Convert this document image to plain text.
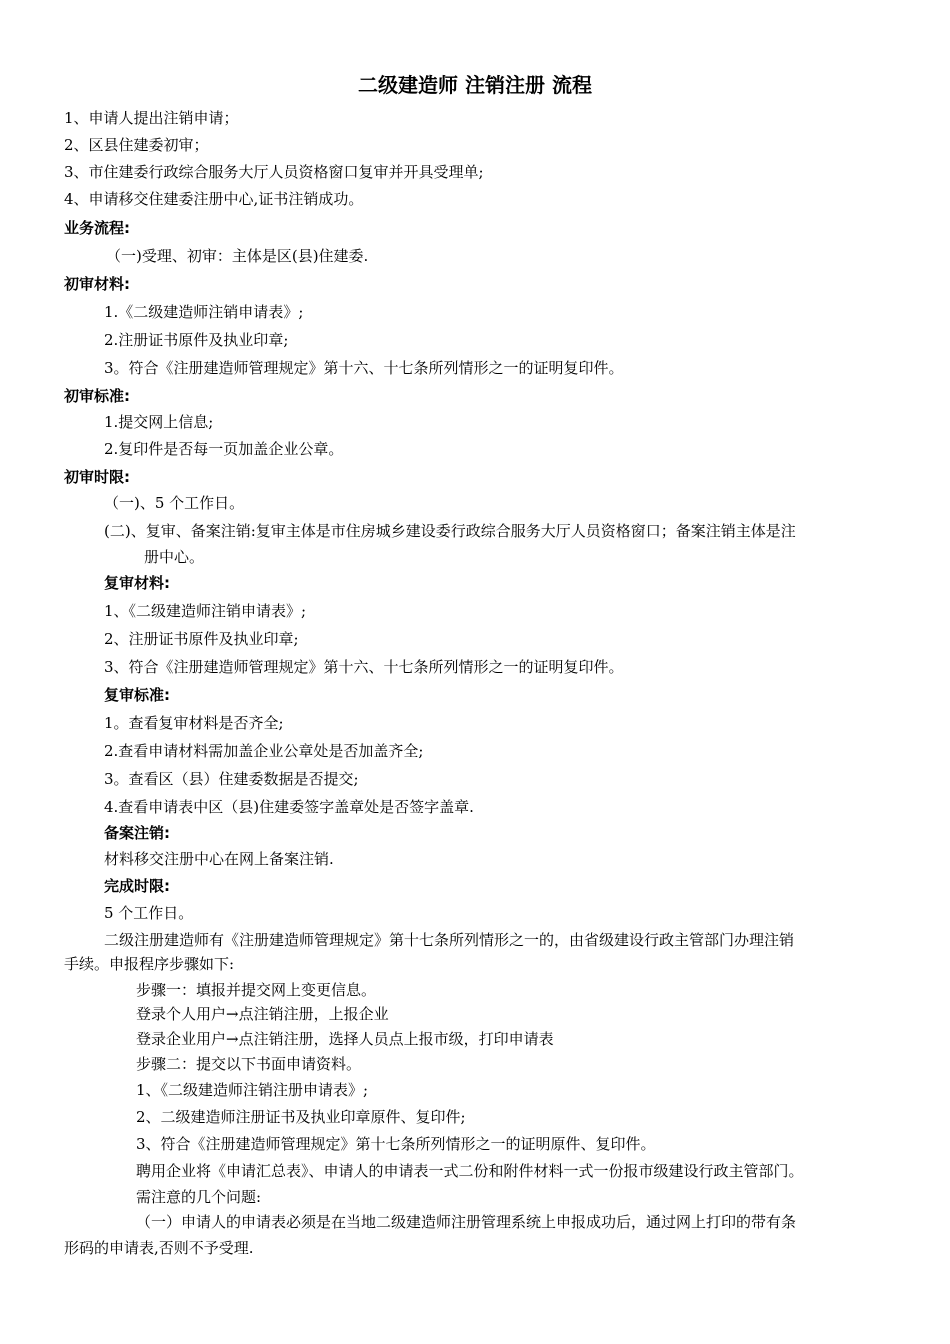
二级建造师 注销注册 流程
1、申请人提出注销申请；
2、区县住建委初审；
3、市住建委行政综合服务大厅人员资格窗口复审并开具受理单;
4、申请移交住建委注册中心,证书注销成功。
业务流程:
（一)受理、初审：主体是区(县)住建委.
初审材料:
1.《二级建造师注销申请表》;
2.注册证书原件及执业印章;
3。符合《注册建造师管理规定》第十六、十七条所列情形之一的证明复印件。
初审标准:
1.提交网上信息;
2.复印件是否每一页加盖企业公章。
初审时限:
（一)、5 个工作日。
(二)、复审、备案注销:复审主体是市住房城乡建设委行政综合服务大厅人员资格窗口；备案注销主体是注
册中心。
复审材料:
1、《二级建造师注销申请表》;
2、注册证书原件及执业印章;
3、符合《注册建造师管理规定》第十六、十七条所列情形之一的证明复印件。
复审标准:
1。查看复审材料是否齐全;
2.查看申请材料需加盖企业公章处是否加盖齐全;
3。查看区（县）住建委数据是否提交;
4.查看申请表中区（县)住建委签字盖章处是否签字盖章.
备案注销:
材料移交注册中心在网上备案注销.
完成时限:
5 个工作日。
二级注册建造师有《注册建造师管理规定》第十七条所列情形之一的，由省级建设行政主管部门办理注销
手续。申报程序步骤如下:
步骤一：填报并提交网上变更信息。
登录个人用户→点注销注册，上报企业
登录企业用户→点注销注册，选择人员点上报市级，打印申请表
步骤二：提交以下书面申请资料。
1、《二级建造师注销注册申请表》;
2、二级建造师注册证书及执业印章原件、复印件;
3、符合《注册建造师管理规定》第十七条所列情形之一的证明原件、复印件。
聘用企业将《申请汇总表》、申请人的申请表一式二份和附件材料一式一份报市级建设行政主管部门。
需注意的几个问题:
（一）申请人的申请表必须是在当地二级建造师注册管理系统上申报成功后，通过网上打印的带有条
形码的申请表,否则不予受理.
